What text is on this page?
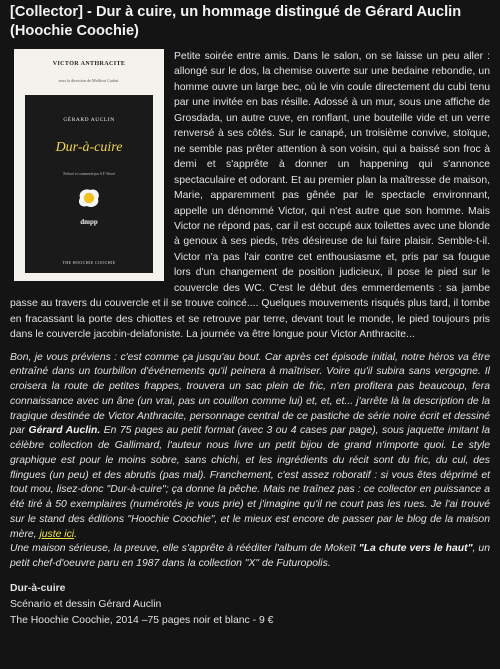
[Collector] - Dur à cuire, un hommage distingué de Gérard Auclin (Hoochie Coochie)
VICTOR ANTHRACITE
sous la direction de Mallicot Cadrat.
GÉRARD AUCLIN
Dur-à-cuire
Préfacé et commenté par S.F. Wood
dmpp
THE HOOCHIE COOCHIE

Petite soirée entre amis. Dans le salon, on se laisse un peu aller : allongé sur le dos, la chemise ouverte sur une bedaine rebondie, un homme ouvre un large bec, où le vin coule directement du cubi tenu par une invitée en bas résille. Adossé à un mur, sous une affiche de Grosdada, un autre cuve, en ronflant, une bouteille vide et un verre renversé à ses côtés. Sur le canapé, un troisième convive, stoïque, ne semble pas prêter attention à son voisin, qui a baissé son froc à demi et s'apprête à donner un happening qui s'annonce spectaculaire et odorant. Et au premier plan la maîtresse de maison, Marie, apparemment pas gênée par le spectacle environnant, appelle un dénommé Victor, qui n'est autre que son homme. Mais Victor ne répond pas, car il est occupé aux toilettes avec une blonde à genoux à ses pieds, très désireuse de lui faire plaisir. Semble-t-il. Victor n'a pas l'air contre cet enthousiasme et, pris par sa fougue lors d'un changement de position judicieux, il pose le pied sur le couvercle des WC. C'est le début des emmerdements : sa jambe passe au travers du couvercle et il se trouve coincé.... Quelques mouvements risqués plus tard, il tombe en fracassant la porte des chiottes et se retrouve par terre, devant tout le monde, le pied toujours pris dans le couvercle jacobin-delafoniste. La journée va être longue pour Victor Anthracite...

Bon, je vous préviens : c'est comme ça jusqu'au bout. Car après cet épisode initial, notre héros va être entraîné dans un tourbillon d'événements qu'il peinera à maîtriser. Voire qu'il subira sans vergogne. Il croisera la route de petites frappes, trouvera un sac plein de fric, n'en profitera pas beaucoup, fera connaissance avec un âne (un vrai, pas un couillon comme lui) et, et, et... j'arrête là la description de la tragique destinée de Victor Anthracite, personnage central de ce pastiche de série noire écrit et dessiné par Gérard Auclin. En 75 pages au petit format (avec 3 ou 4 cases par page), sous jaquette imitant la célèbre collection de Gallimard, l'auteur nous livre un petit bijou de grand n'importe quoi. Le style graphique est pour le moins sobre, sans chichi, et les ingrédients du récit sont du fric, du cul, des flingues (un peu) et des abrutis (pas mal). Franchement, c'est assez roboratif : si vous êtes déprimé et tout mou, lisez-donc "Dur-à-cuire"; ça donne la pêche. Mais ne traînez pas : ce collector en puissance a été tiré à 50 exemplaires (numérotés je vous prie) et j'imagine qu'il ne court pas les rues. Je l'ai trouvé sur le stand des éditions "Hoochie Coochie", et le mieux est encore de passer par le blog de la maison mère, juste ici.

Une maison sérieuse, la preuve, elle s'apprête à rééditer l'album de Mokeït "La chute vers le haut", un petit chef-d'oeuvre paru en 1987 dans la collection "X" de Futuropolis.

Dur-à-cuire
Scénario et dessin Gérard Auclin
The Hoochie Coochie, 2014 –75 pages noir et blanc - 9 €
